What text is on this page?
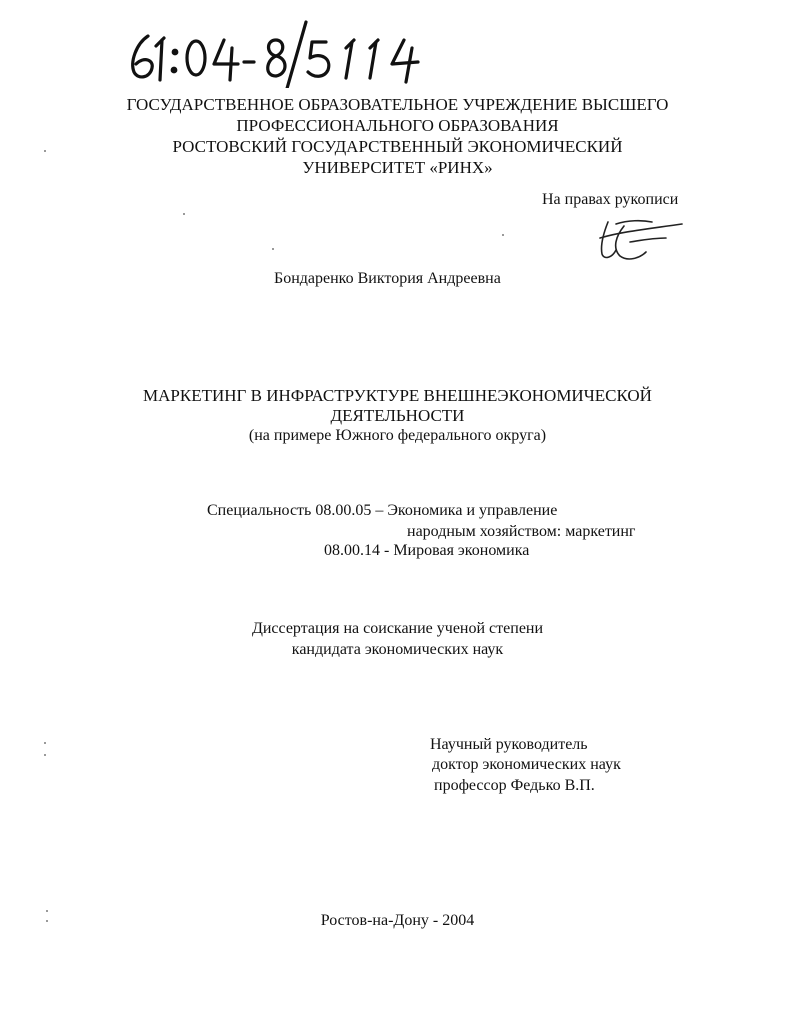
ГОСУДАРСТВЕННОЕ ОБРАЗОВАТЕЛЬНОЕ УЧРЕЖДЕНИЕ ВЫСШЕГО
ПРОФЕССИОНАЛЬНОГО ОБРАЗОВАНИЯ
РОСТОВСКИЙ ГОСУДАРСТВЕННЫЙ ЭКОНОМИЧЕСКИЙ
УНИВЕРСИТЕТ «РИНХ»
На правах рукописи
Бондаренко Виктория Андреевна
МАРКЕТИНГ В ИНФРАСТРУКТУРЕ ВНЕШНЕЭКОНОМИЧЕСКОЙ
ДЕЯТЕЛЬНОСТИ
(на примере Южного федерального округа)
Специальность 08.00.05 – Экономика и управление
народным хозяйством: маркетинг
08.00.14 - Мировая экономика
Диссертация на соискание ученой степени
кандидата экономических наук
Научный руководитель
доктор экономических наук
профессор Федько В.П.
Ростов-на-Дону - 2004
